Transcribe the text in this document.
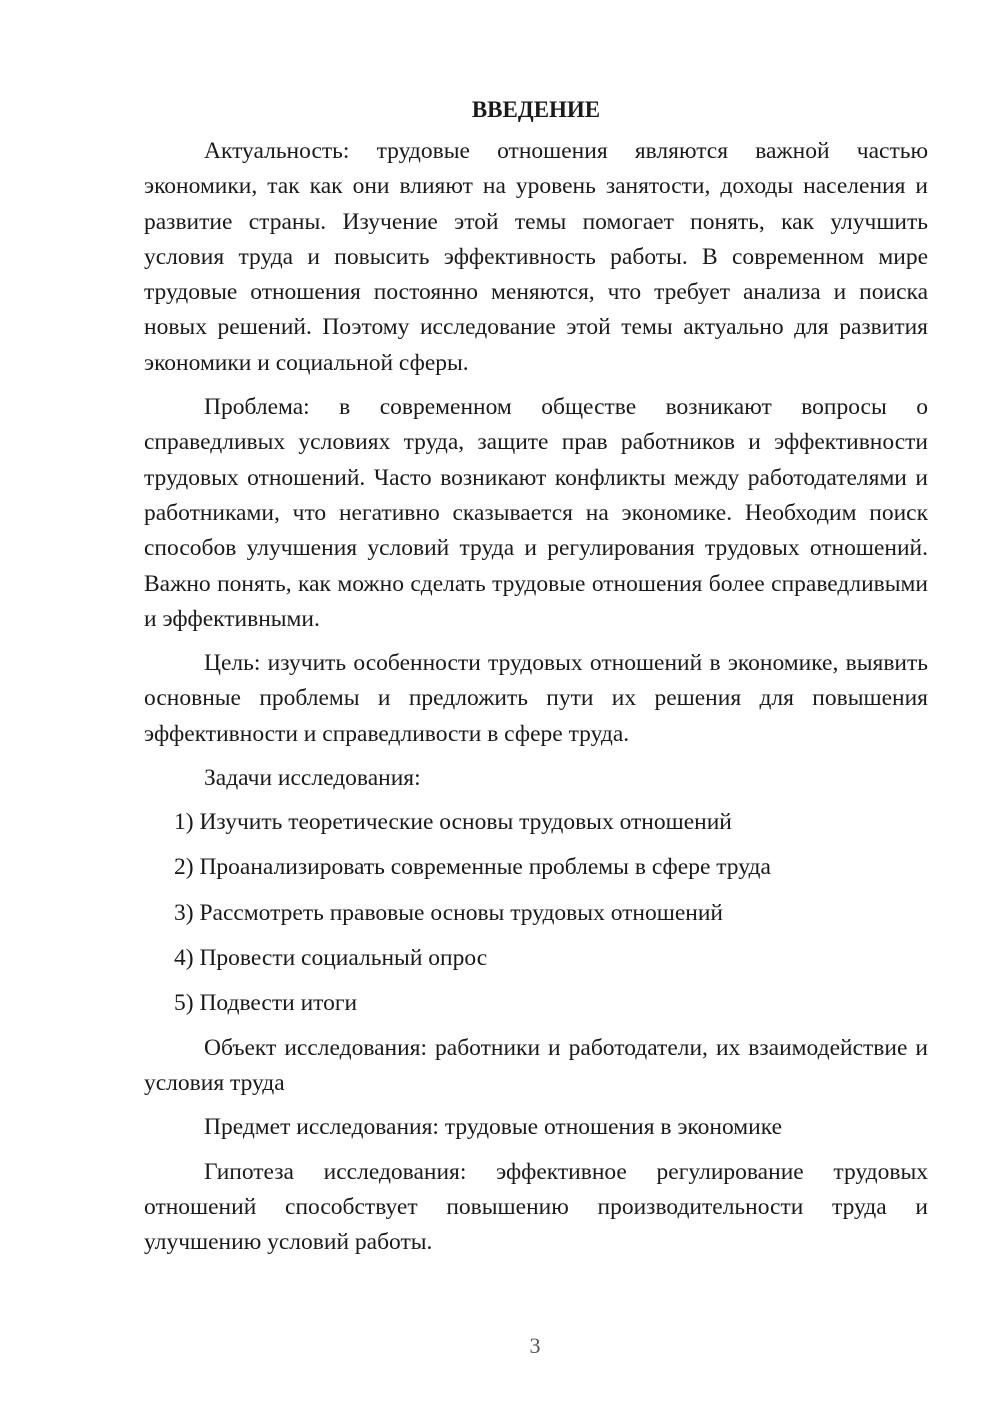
ВВЕДЕНИЕ

Актуальность: трудовые отношения являются важной частью экономики, так как они влияют на уровень занятости, доходы населения и развитие страны. Изучение этой темы помогает понять, как улучшить условия труда и повысить эффективность работы. В современном мире трудовые отношения постоянно меняются, что требует анализа и поиска новых решений. Поэтому исследование этой темы актуально для развития экономики и социальной сферы.

Проблема: в современном обществе возникают вопросы о справедливых условиях труда, защите прав работников и эффективности трудовых отношений. Часто возникают конфликты между работодателями и работниками, что негативно сказывается на экономике. Необходим поиск способов улучшения условий труда и регулирования трудовых отношений. Важно понять, как можно сделать трудовые отношения более справедливыми и эффективными.

Цель: изучить особенности трудовых отношений в экономике, выявить основные проблемы и предложить пути их решения для повышения эффективности и справедливости в сфере труда.

Задачи исследования:

1) Изучить теоретические основы трудовых отношений
2) Проанализировать современные проблемы в сфере труда
3) Рассмотреть правовые основы трудовых отношений
4) Провести социальный опрос
5) Подвести итоги

Объект исследования: работники и работодатели, их взаимодействие и условия труда

Предмет исследования: трудовые отношения в экономике

Гипотеза исследования: эффективное регулирование трудовых отношений способствует повышению производительности труда и улучшению условий работы.

3
